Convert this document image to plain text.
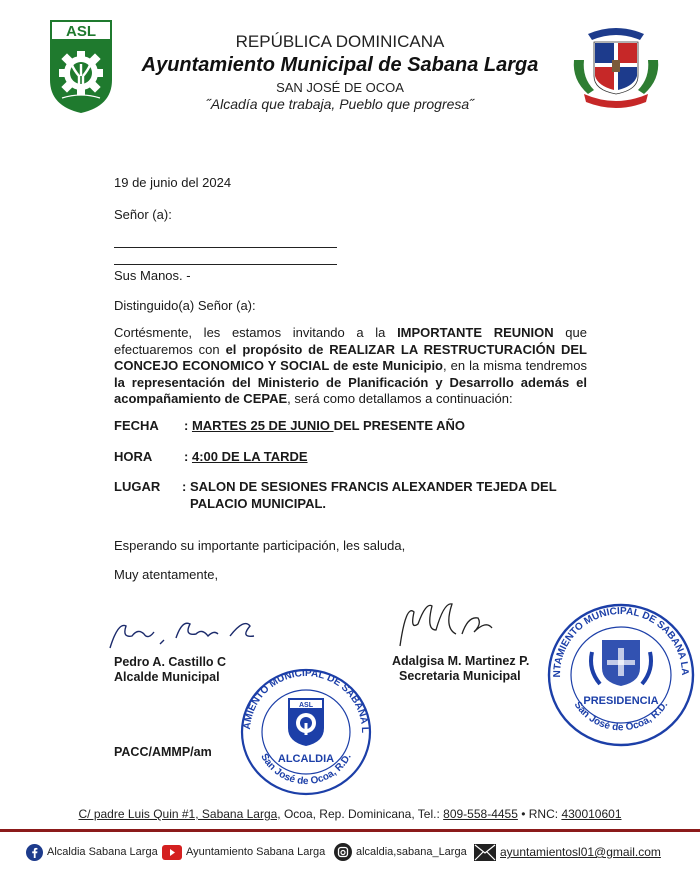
ASL
REPÚBLICA DOMINICANA
Ayuntamiento Municipal de Sabana Larga
SAN JOSÉ DE OCOA
˝Alcadía que trabaja, Pueblo que progresa˝
19 de junio del 2024
Señor (a):
Sus Manos. -
Distinguido(a) Señor (a):
Cortésmente, les estamos invitando a la IMPORTANTE REUNION que efectuaremos con el propósito de REALIZAR LA RESTRUCTURACIÓN DEL CONCEJO ECONOMICO Y SOCIAL de este Municipio, en la misma tendremos la representación del Ministerio de Planificación y Desarrollo además el acompañamiento de CEPAE, será como detallamos a continuación:
FECHA : MARTES 25 DE JUNIO DEL PRESENTE AÑO
HORA : 4:00 DE LA TARDE
LUGAR : SALON DE SESIONES FRANCIS ALEXANDER TEJEDA DEL
PALACIO MUNICIPAL.
Esperando su importante participación, les saluda,
Muy atentamente,
Pedro A. Castillo C
Alcalde Municipal
AMIENTO MUNICIPAL DE SABANA L
San José de Ocoa, R.D.
ASL
ALCALDIA
PACC/AMMP/am
Adalgisa M. Martinez P.
Secretaria Municipal	NTAMIENTO MUNICIPAL DE SABANA LA
San José de Ocoa, R.D.
PRESIDENCIA
C/ padre Luis Quin #1, Sabana Larga, Ocoa, Rep. Dominicana, Tel.: 809-558-4455 • RNC: 430010601
Alcaldia Sabana Larga	Ayuntamiento Sabana Larga	alcaldia,sabana_Larga	ayuntamientosl01@gmail.com
